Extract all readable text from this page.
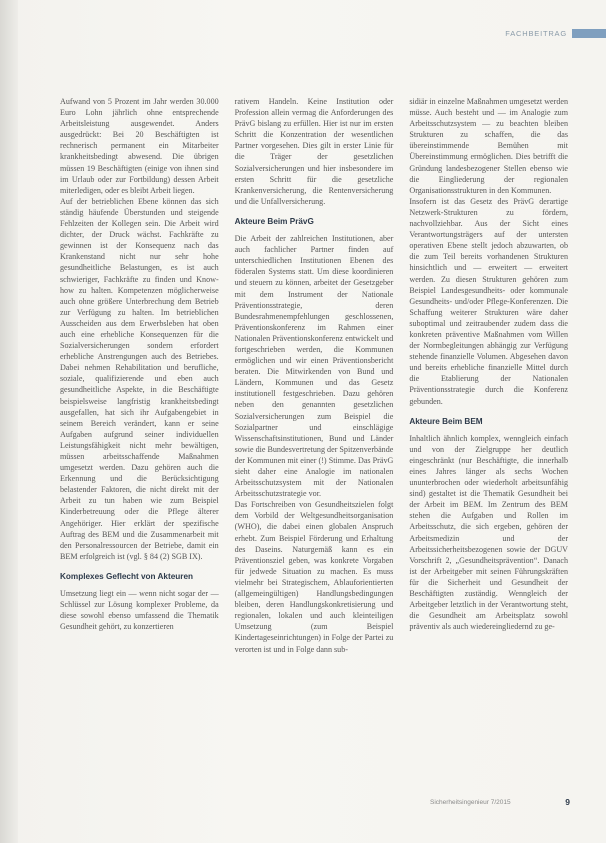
FACHBEITRAG

Aufwand von 5 Prozent im Jahr werden 30.000 Euro Lohn jährlich ohne entsprechende Arbeitsleistung ausgewendet. Anders ausgedrückt: Bei 20 Beschäftigten ist rechnerisch permanent ein Mitarbeiter krankheitsbedingt abwesend. Die übrigen müssen 19 Beschäftigten (einige von ihnen sind im Urlaub oder zur Fortbildung) dessen Arbeit miterledigen, oder es bleibt Arbeit liegen.

Auf der betrieblichen Ebene können das sich ständig häufende Überstunden und steigende Fehlzeiten der Kollegen sein. Die Arbeit wird dichter, der Druck wächst. Fachkräfte zu gewinnen ist der Konsequenz nach das Krankenstand nicht nur sehr hohe gesundheitliche Belastungen, es ist auch schwieriger, Fachkräfte zu finden und Know-how zu halten. Kompetenzen möglicherweise auch ohne größere Unterbrechung dem Betrieb zur Verfügung zu halten. Im betrieblichen Ausscheiden aus dem Erwerbsleben hat oben auch eine erhebliche Konsequenzen für die Sozialversicherungen sondern erfordert erhebliche Anstrengungen auch des Betriebes. Dabei nehmen Rehabilitation und berufliche, soziale, qualifizierende und eben auch gesundheitliche Aspekte, in die Beschäftigte beispielsweise langfristig krankheitsbedingt ausgefallen, hat sich ihr Aufgabengebiet in seinem Bereich verändert, kann er seine Aufgaben aufgrund seiner individuellen Leistungsfähigkeit nicht mehr bewältigen, müssen arbeitsschaffende Maßnahmen umgesetzt werden. Dazu gehören auch die Erkennung und die Berücksichtigung belastender Faktoren, die nicht direkt mit der Arbeit zu tun haben wie zum Beispiel Kinderbetreuung oder die Pflege älterer Angehöriger. Hier erklärt der spezifische Auftrag des BEM und die Zusammenarbeit mit den Personalressourcen der Betriebe, damit ein BEM erfolgreich ist (vgl. § 84 (2) SGB IX).

Komplexes Geflecht von Akteuren

Umsetzung liegt ein — wenn nicht sogar der — Schlüssel zur Lösung komplexer Probleme, da diese sowohl ebenso umfassend die Thematik Gesundheit gehört, zu konzertieren

rativem Handeln. Keine Institution oder Profession allein vermag die Anforderungen des PrävG bislang zu erfüllen. Hier ist nur im ersten Schritt die Konzentration der wesentlichen Partner vorgesehen. Dies gilt in erster Linie für die Träger der gesetzlichen Sozialversicherungen und hier insbesondere im ersten Schritt für die gesetzliche Krankenversicherung, die Rentenversicherung und die Unfallversicherung.

Akteure Beim PrävG

Die Arbeit der zahlreichen Institutionen, aber auch fachlicher Partner finden auf unterschiedlichen Institutionen Ebenen des föderalen Systems statt. Um diese koordinieren und steuern zu können, arbeitet der Gesetzgeber mit dem Instrument der Nationale Präventionsstrategie, deren Bundesrahmenempfehlungen geschlossenen, Präventionskonferenz im Rahmen einer Nationalen Präventionskonferenz entwickelt und fortgeschrieben werden, die Kommunen ermöglichen und wir einen Präventionsbericht beraten. Die Mitwirkenden von Bund und Ländern, Kommunen und das Gesetz institutionell festgeschrieben. Dazu gehören neben den genannten gesetzlichen Sozialversicherungen zum Beispiel die Sozialpartner und einschlägige Wissenschaftsinstitutionen, Bund und Länder sowie die Bundesvertretung der Spitzenverbände der Kommunen mit einer (!) Stimme. Das PrävG sieht daher eine Analogie im nationalen Arbeitsschutzsystem mit der Nationalen Arbeitsschutzstrategie vor.

Das Fortschreiben von Gesundheitszielen folgt dem Vorbild der Weltgesundheitsorganisation (WHO), die dabei einen globalen Anspruch erhebt. Zum Beispiel Förderung und Erhaltung des Daseins. Naturgemäß kann es ein Präventionsziel geben, was konkrete Vorgaben für jedwede Situation zu machen. Es muss vielmehr bei Strategischem, Ablauforientierten (allgemeingültigen) Handlungsbedingungen bleiben, deren Handlungskonkretisierung und regionalen, lokalen und auch kleinteiligen Umsetzung (zum Beispiel Kindertageseinrichtungen) in Folge der Partei zu verorten ist und in Folge dann sub-

sidiär in einzelne Maßnahmen umgesetzt werden müsse. Auch besteht und — im Analogie zum Arbeitsschutzsystem — zu beachten bleiben Strukturen zu schaffen, die das übereinstimmende Bemühen mit Übereinstimmung ermöglichen. Dies betrifft die Gründung landesbezogener Stellen ebenso wie die Eingliederung der regionalen Organisationsstrukturen in den Kommunen.

Insofern ist das Gesetz des PrävG derartige Netzwerk-Strukturen zu fördern, nachvollziehbar. Aus der Sicht eines Verantwortungsträgers auf der untersten operativen Ebene stellt jedoch abzuwarten, ob die zum Teil bereits vorhandenen Strukturen hinsichtlich und — erweitert — erweitert werden. Zu diesen Strukturen gehören zum Beispiel Landesgesundheits- oder kommunale Gesundheits- und/oder Pflege-Konferenzen. Die Schaffung weiterer Strukturen wäre daher suboptimal und zeitraubender zudem dass die konkreten präventive Maßnahmen vom Willen der Normbegleitungen abhängig zur Verfügung stehende finanzielle Volumen. Abgesehen davon und bereits erhebliche finanzielle Mittel durch die Etablierung der Nationalen Präventionsstrategie durch die Konferenz gebunden.

Akteure Beim BEM

Inhaltlich ähnlich komplex, wenngleich einfach und von der Zielgruppe her deutlich eingeschränkt (nur Beschäftigte, die innerhalb eines Jahres länger als sechs Wochen ununterbrochen oder wiederholt arbeitsunfähig sind) gestaltet ist die Thematik Gesundheit bei der Arbeit im BEM. Im Zentrum des BEM stehen die Aufgaben und Rollen im Arbeitsschutz, die sich ergeben, gehören der Arbeitsmedizin und der Arbeitssicherheitsbezogenen sowie der DGUV Vorschrift 2, „Gesundheitsprävention“. Danach ist der Arbeitgeber mit seinen Führungskräften für die Sicherheit und Gesundheit der Beschäftigten zuständig. Wenngleich der Arbeitgeber letztlich in der Verantwortung steht, die Gesundheit am Arbeitsplatz sowohl präventiv als auch wiedereingliedernd zu ge-

Sicherheitsingenieur 7/2015	9
